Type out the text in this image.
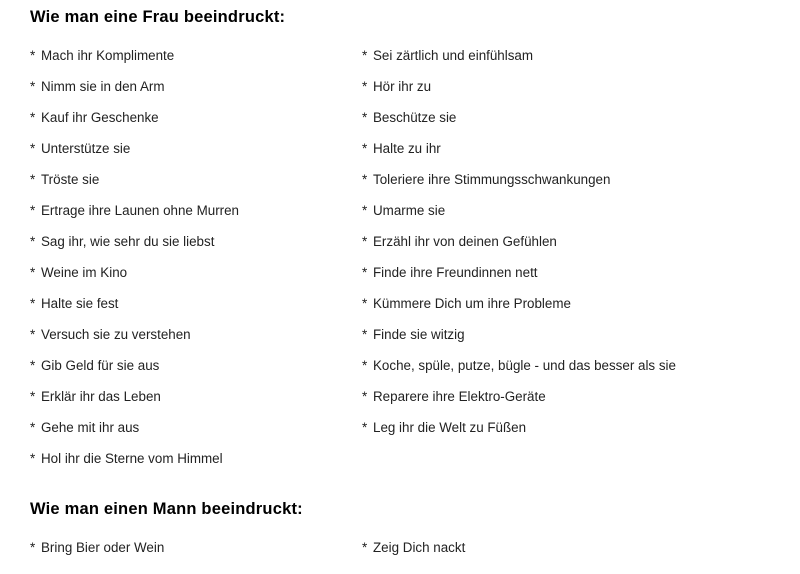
Wie man eine Frau beeindruckt:
* Mach ihr Komplimente
* Nimm sie in den Arm
* Kauf ihr Geschenke
* Unterstütze sie
* Tröste sie
* Ertrage ihre Launen ohne Murren
* Sag ihr, wie sehr du sie liebst
* Weine im Kino
* Halte sie fest
* Versuch sie zu verstehen
* Gib Geld für sie aus
* Erklär ihr das Leben
* Gehe mit ihr aus
* Hol ihr die Sterne vom Himmel
* Sei zärtlich und einfühlsam
* Hör ihr zu
* Beschütze sie
* Halte zu ihr
* Toleriere ihre Stimmungsschwankungen
* Umarme sie
* Erzähl ihr von deinen Gefühlen
* Finde ihre Freundinnen nett
* Kümmere Dich um ihre Probleme
* Finde sie witzig
* Koche, spüle, putze, bügle - und das besser als sie
* Reparere ihre Elektro-Geräte
* Leg ihr die Welt zu Füßen
Wie man einen Mann beeindruckt:
* Bring Bier oder Wein	* Zeig Dich nackt
